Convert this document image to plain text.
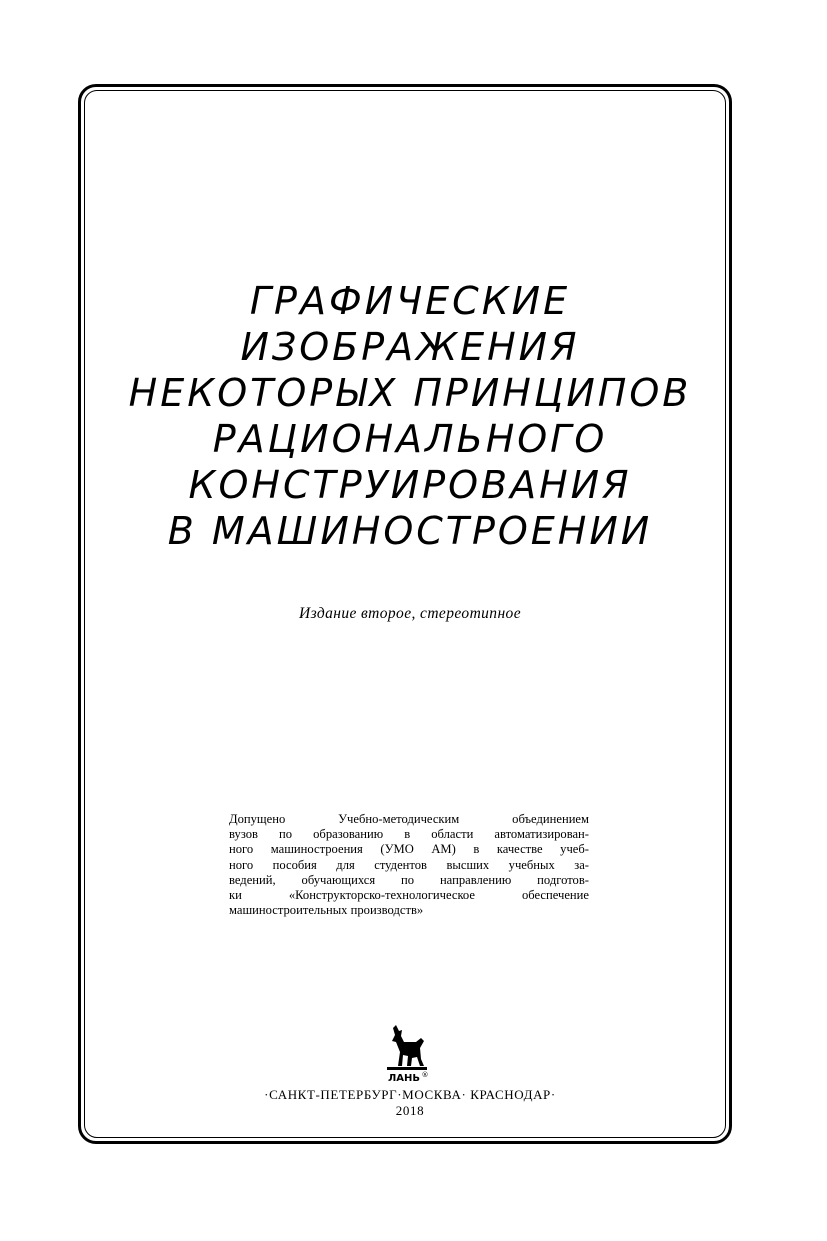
ГРАФИЧЕСКИЕ
ИЗОБРАЖЕНИЯ
НЕКОТОРЫХ ПРИНЦИПОВ
РАЦИОНАЛЬНОГО
КОНСТРУИРОВАНИЯ
В МАШИНОСТРОЕНИИ
Издание второе, стереотипное
Допущено Учебно-методическим объединением
вузов по образованию в области автоматизирован-
ного машиностроения (УМО АМ) в качестве учеб-
ного пособия для студентов высших учебных за-
ведений, обучающихся по направлению подготов-
ки «Конструкторско-технологическое обеспечение
машиностроительных производств»
ЛАНЬ ®
·САНКТ-ПЕТЕРБУРГ·МОСКВА· КРАСНОДАР·
2018
